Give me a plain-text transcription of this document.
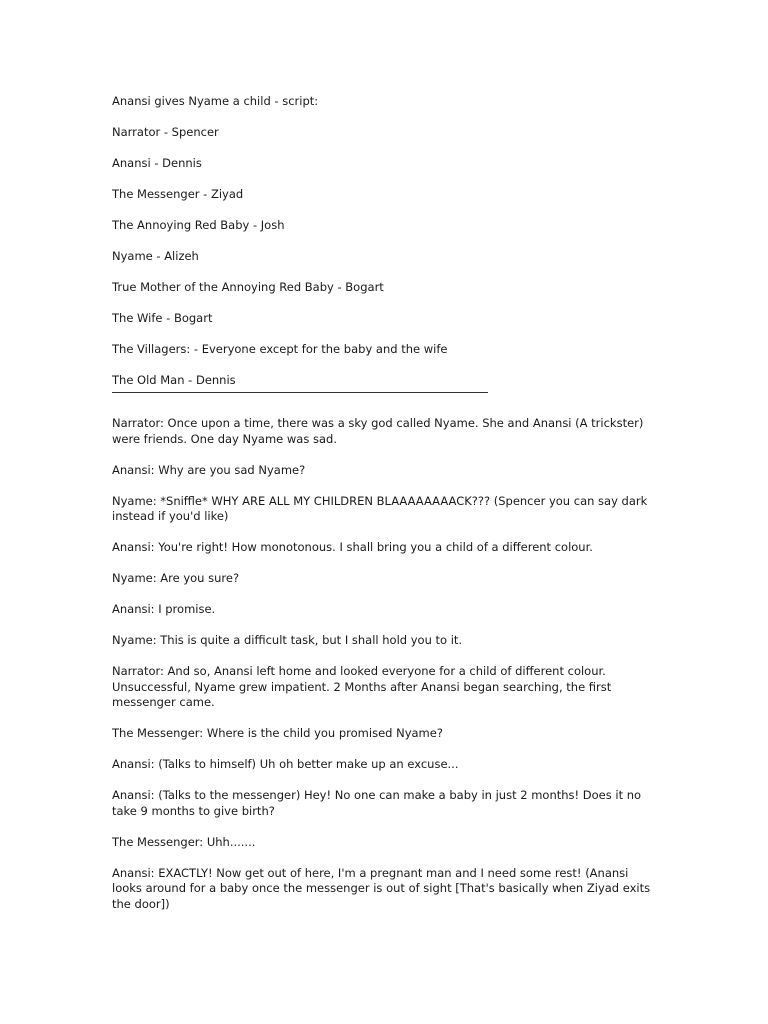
Anansi gives Nyame a child - script:
Narrator - Spencer
Anansi - Dennis
The Messenger - Ziyad
The Annoying Red Baby - Josh
Nyame - Alizeh
True Mother of the Annoying Red Baby - Bogart
The Wife - Bogart
The Villagers: - Everyone except for the baby and the wife
The Old Man - Dennis
Narrator: Once upon a time, there was a sky god called Nyame. She and Anansi (A trickster) were friends. One day Nyame was sad.
Anansi: Why are you sad Nyame?
Nyame: *Sniffle* WHY ARE ALL MY CHILDREN BLAAAAAAAACK??? (Spencer you can say dark instead if you'd like)
Anansi: You're right! How monotonous. I shall bring you a child of a different colour.
Nyame: Are you sure?
Anansi: I promise.
Nyame: This is quite a difficult task, but I shall hold you to it.
Narrator: And so, Anansi left home and looked everyone for a child of different colour. Unsuccessful, Nyame grew impatient. 2 Months after Anansi began searching, the first messenger came.
The Messenger: Where is the child you promised Nyame?
Anansi: (Talks to himself) Uh oh better make up an excuse...
Anansi: (Talks to the messenger) Hey! No one can make a baby in just 2 months! Does it no take 9 months to give birth?
The Messenger: Uhh.......
Anansi: EXACTLY! Now get out of here, I'm a pregnant man and I need some rest! (Anansi looks around for a baby once the messenger is out of sight [That's basically when Ziyad exits the door])
